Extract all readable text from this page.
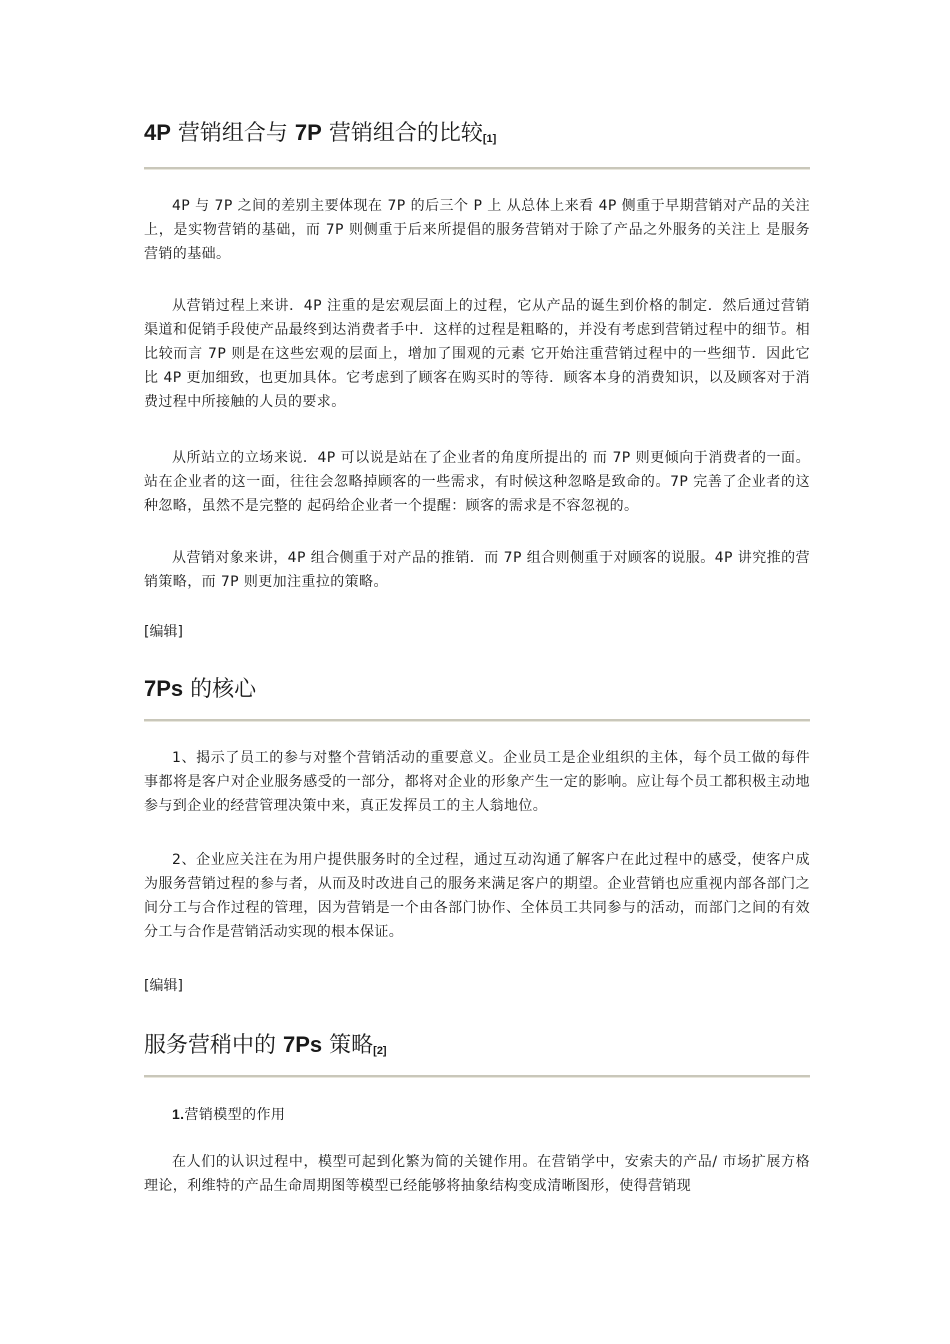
4P 营销组合与 7P 营销组合的比较[1]

4P 与 7P 之间的差别主要体现在 7P 的后三个 P 上 从总体上来看 4P 侧重于早期营销对产品的关注上，是实物营销的基础，而 7P 则侧重于后来所提倡的服务营销对于除了产品之外服务的关注上 是服务营销的基础。

从营销过程上来讲．4P 注重的是宏观层面上的过程，它从产品的诞生到价格的制定．然后通过营销渠道和促销手段使产品最终到达消费者手中．这样的过程是粗略的，并没有考虑到营销过程中的细节。相比较而言 7P 则是在这些宏观的层面上，增加了围观的元素 它开始注重营销过程中的一些细节．因此它比 4P 更加细致，也更加具体。它考虑到了顾客在购买时的等待．顾客本身的消费知识，以及顾客对于消费过程中所接触的人员的要求。

从所站立的立场来说．4P 可以说是站在了企业者的角度所提出的 而 7P 则更倾向于消费者的一面。站在企业者的这一面，往往会忽略掉顾客的一些需求，有时候这种忽略是致命的。7P 完善了企业者的这种忽略，虽然不是完整的 起码给企业者一个提醒：顾客的需求是不容忽视的。

从营销对象来讲，4P 组合侧重于对产品的推销．而 7P 组合则侧重于对顾客的说服。4P 讲究推的营销策略，而 7P 则更加注重拉的策略。

[编辑]
7Ps 的核心

1、揭示了员工的参与对整个营销活动的重要意义。企业员工是企业组织的主体，每个员工做的每件事都将是客户对企业服务感受的一部分，都将对企业的形象产生一定的影响。应让每个员工都积极主动地参与到企业的经营管理决策中来，真正发挥员工的主人翁地位。

2、企业应关注在为用户提供服务时的全过程，通过互动沟通了解客户在此过程中的感受，使客户成为服务营销过程的参与者，从而及时改进自己的服务来满足客户的期望。企业营销也应重视内部各部门之间分工与合作过程的管理，因为营销是一个由各部门协作、全体员工共同参与的活动，而部门之间的有效分工与合作是营销活动实现的根本保证。

[编辑]
服务营稍中的 7Ps 策略[2]

1.营销模型的作用

在人们的认识过程中，模型可起到化繁为简的关键作用。在营销学中，安索夫的产品/ 市场扩展方格理论，利维特的产品生命周期图等模型已经能够将抽象结构变成清晰图形，使得营销现
